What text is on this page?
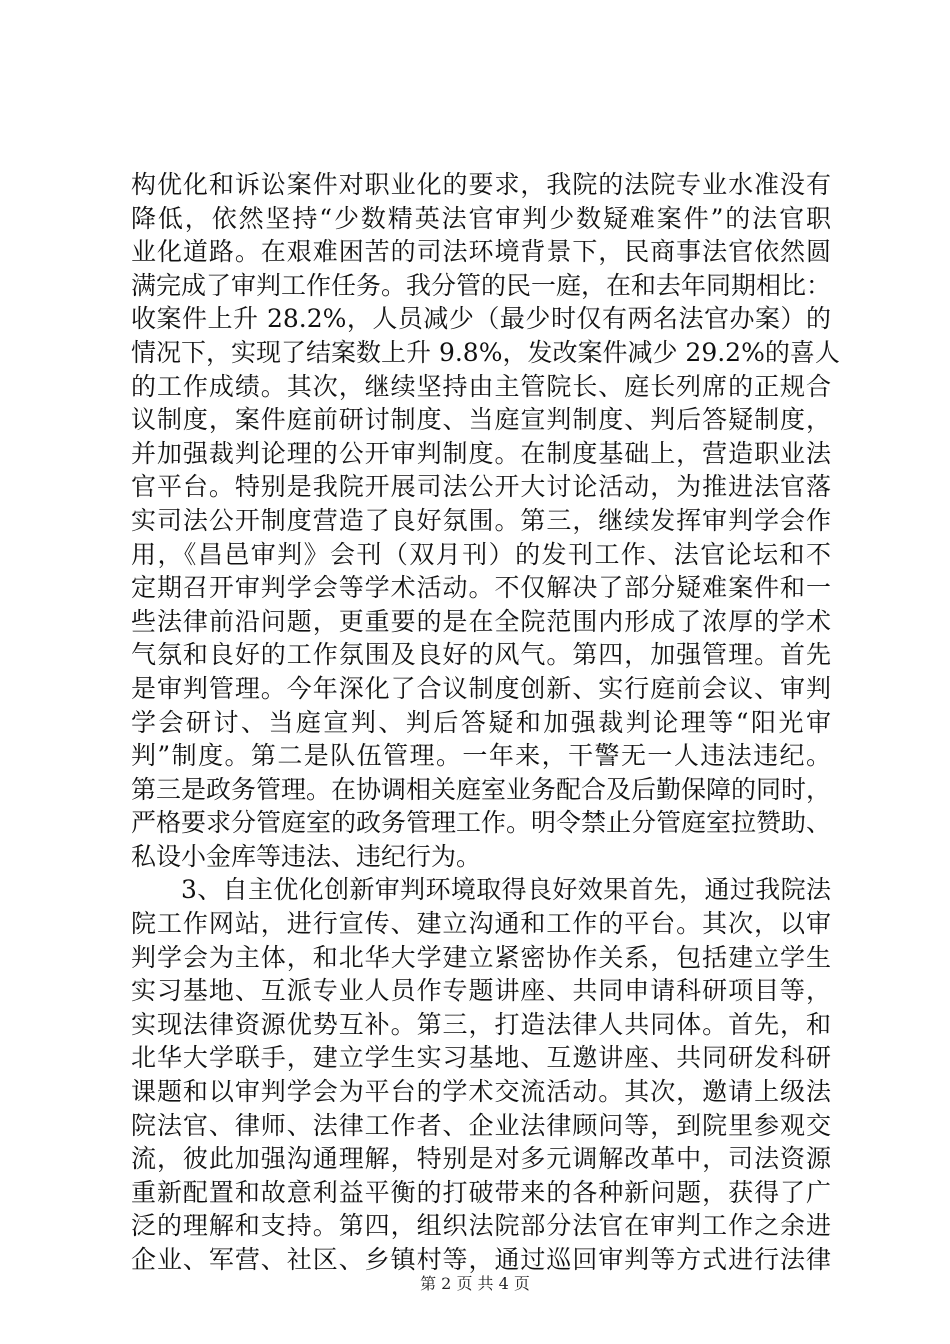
构优化和诉讼案件对职业化的要求，我院的法院专业水准没有
降低，依然坚持“少数精英法官审判少数疑难案件”的法官职
业化道路。在艰难困苦的司法环境背景下，民商事法官依然圆
满完成了审判工作任务。我分管的民一庭，在和去年同期相比：
收案件上升 28.2%，人员减少（最少时仅有两名法官办案）的
情况下，实现了结案数上升 9.8%，发改案件减少 29.2%的喜人
的工作成绩。其次，继续坚持由主管院长、庭长列席的正规合
议制度，案件庭前研讨制度、当庭宣判制度、判后答疑制度，
并加强裁判论理的公开审判制度。在制度基础上，营造职业法
官平台。特别是我院开展司法公开大讨论活动，为推进法官落
实司法公开制度营造了良好氛围。第三，继续发挥审判学会作
用，《昌邑审判》会刊（双月刊）的发刊工作、法官论坛和不
定期召开审判学会等学术活动。不仅解决了部分疑难案件和一
些法律前沿问题，更重要的是在全院范围内形成了浓厚的学术
气氛和良好的工作氛围及良好的风气。第四，加强管理。首先
是审判管理。今年深化了合议制度创新、实行庭前会议、审判
学会研讨、当庭宣判、判后答疑和加强裁判论理等“阳光审
判”制度。第二是队伍管理。一年来，干警无一人违法违纪。
第三是政务管理。在协调相关庭室业务配合及后勤保障的同时，
严格要求分管庭室的政务管理工作。明令禁止分管庭室拉赞助、
私设小金库等违法、违纪行为。
3、自主优化创新审判环境取得良好效果首先，通过我院法
院工作网站，进行宣传、建立沟通和工作的平台。其次，以审
判学会为主体，和北华大学建立紧密协作关系，包括建立学生
实习基地、互派专业人员作专题讲座、共同申请科研项目等，
实现法律资源优势互补。第三，打造法律人共同体。首先，和
北华大学联手，建立学生实习基地、互邀讲座、共同研发科研
课题和以审判学会为平台的学术交流活动。其次，邀请上级法
院法官、律师、法律工作者、企业法律顾问等，到院里参观交
流，彼此加强沟通理解，特别是对多元调解改革中，司法资源
重新配置和故意利益平衡的打破带来的各种新问题，获得了广
泛的理解和支持。第四，组织法院部分法官在审判工作之余进
企业、军营、社区、乡镇村等，通过巡回审判等方式进行法律
第 2 页 共 4 页
